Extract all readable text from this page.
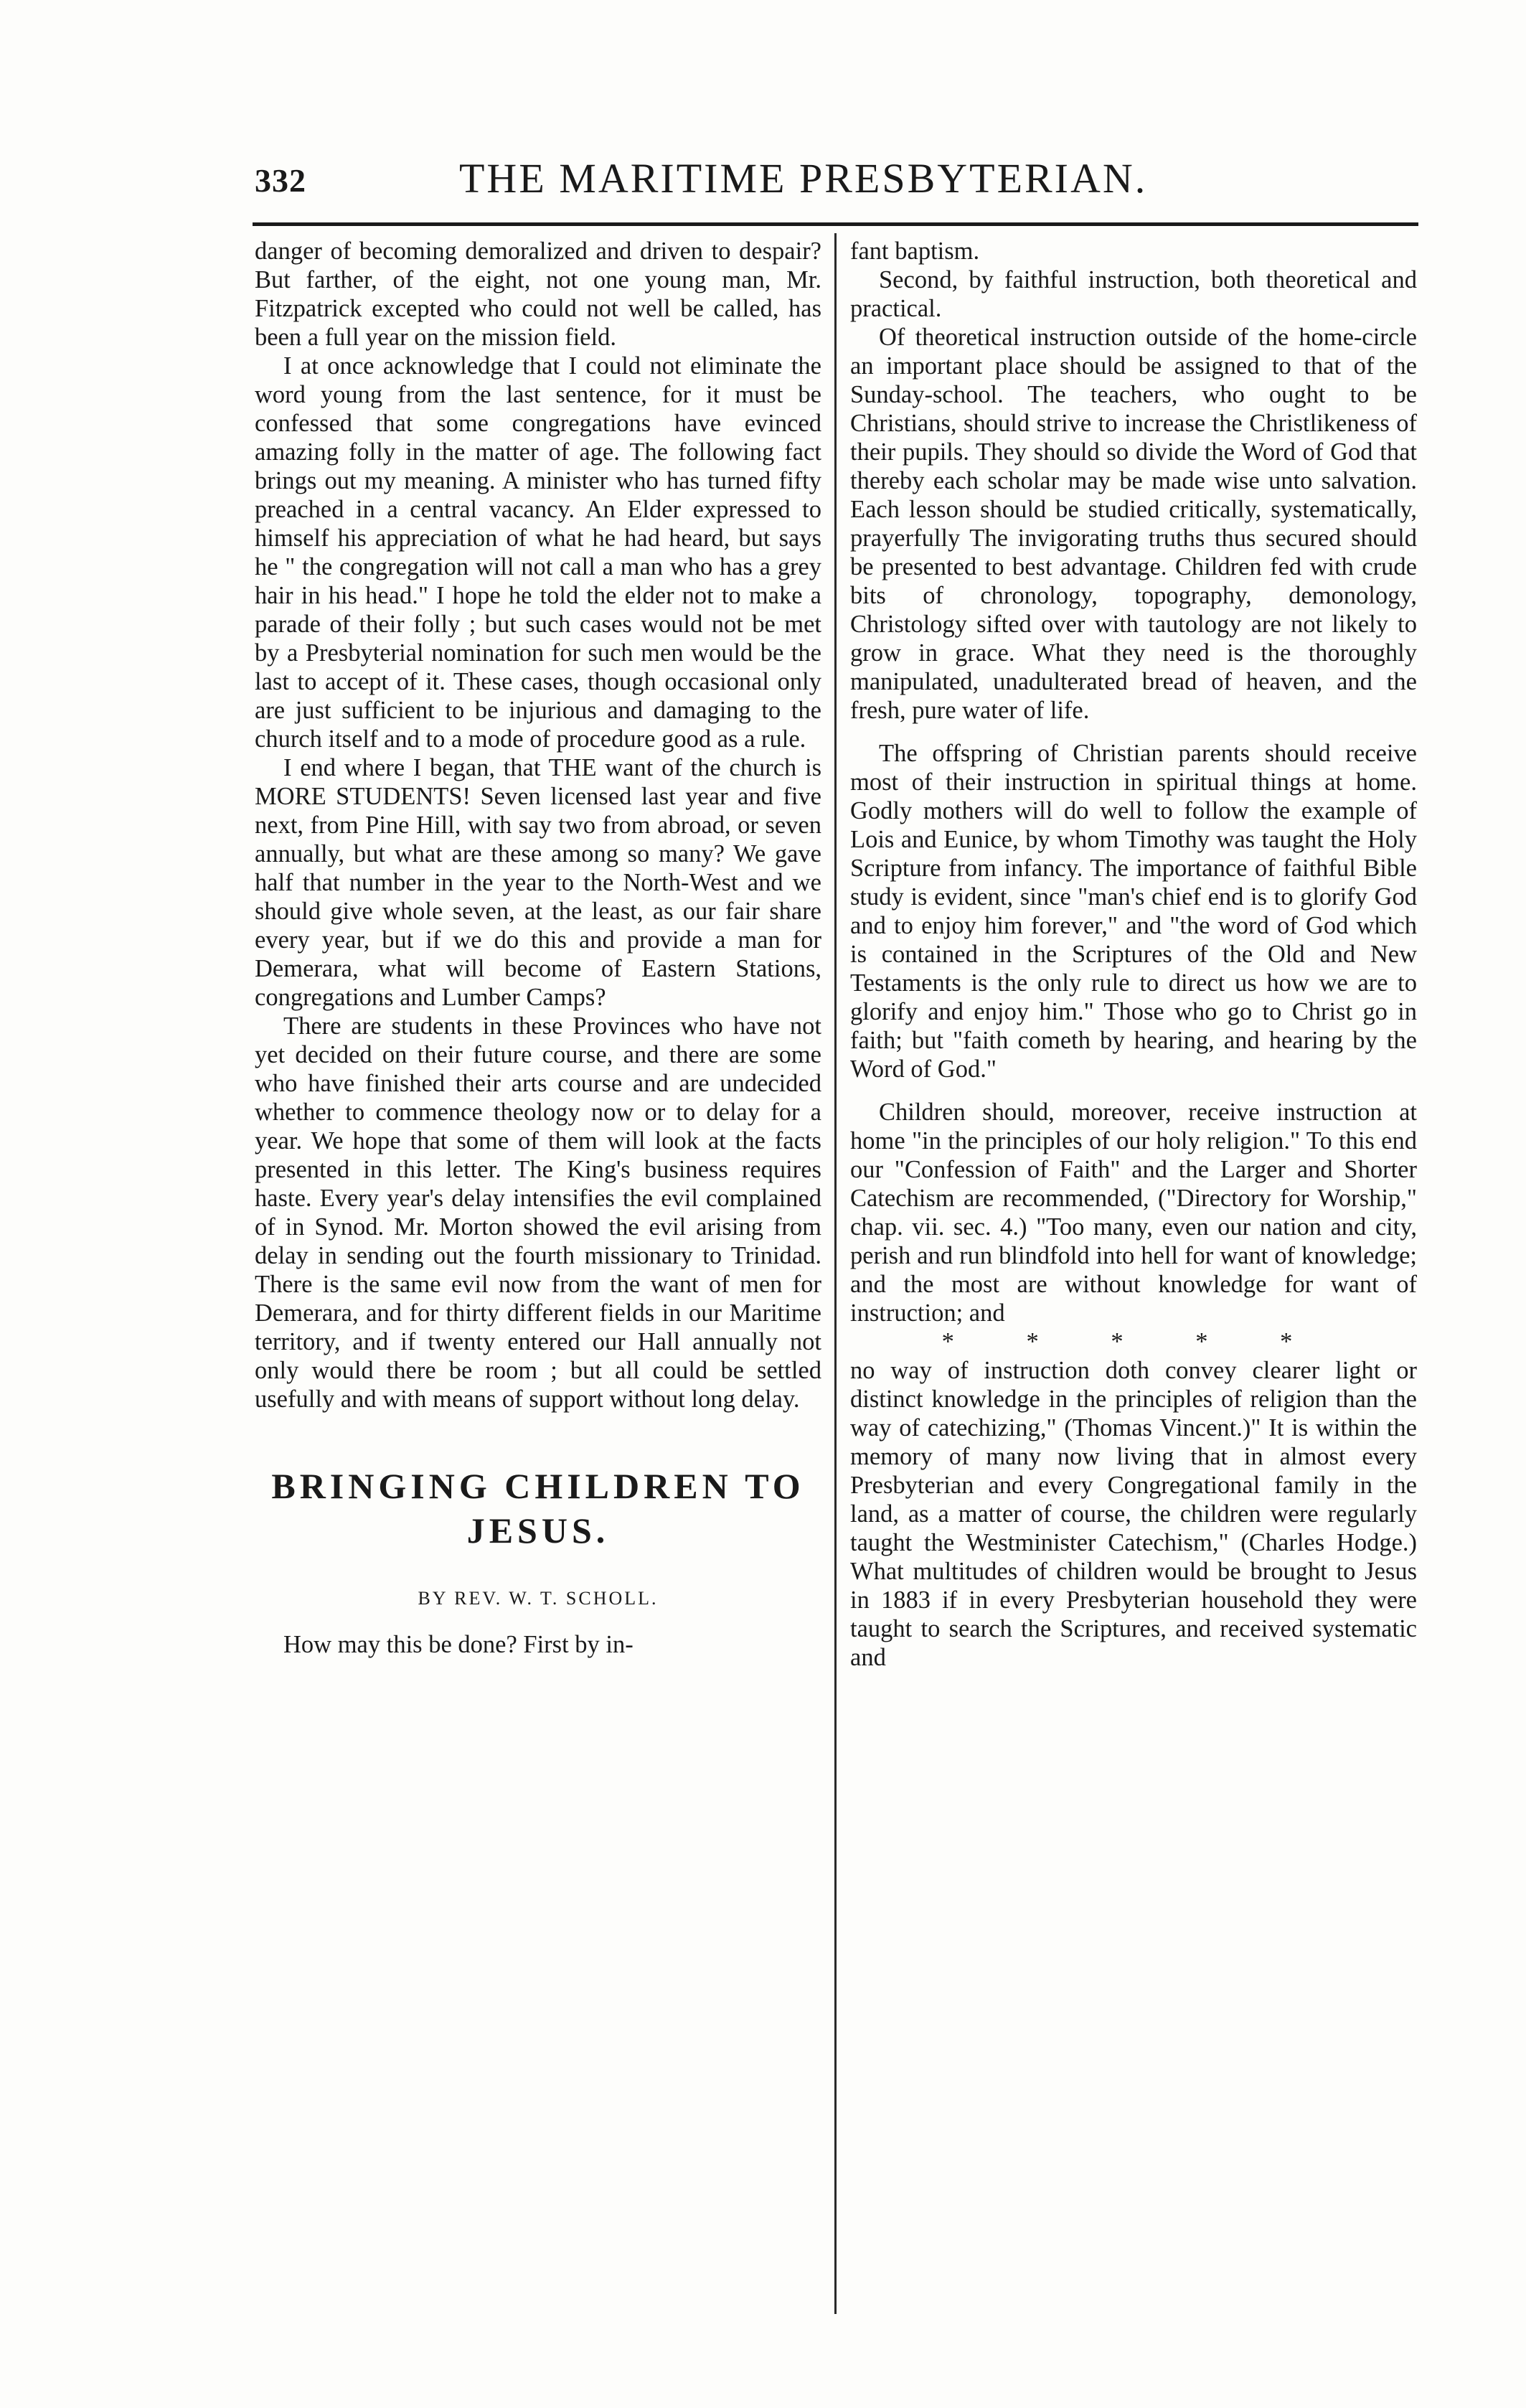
332	THE MARITIME PRESBYTERIAN.

danger of becoming demoralized and driven to despair? But farther, of the eight, not one young man, Mr. Fitzpatrick excepted who could not well be called, has been a full year on the mission field.

I at once acknowledge that I could not eliminate the word young from the last sentence, for it must be confessed that some congregations have evinced amazing folly in the matter of age. The following fact brings out my meaning. A minister who has turned fifty preached in a central vacancy. An Elder expressed to himself his appreciation of what he had heard, but says he " the congregation will not call a man who has a grey hair in his head." I hope he told the elder not to make a parade of their folly ; but such cases would not be met by a Presbyterial nomination for such men would be the last to accept of it. These cases, though occasional only are just sufficient to be injurious and damaging to the church itself and to a mode of procedure good as a rule.

I end where I began, that THE want of the church is MORE STUDENTS! Seven licensed last year and five next, from Pine Hill, with say two from abroad, or seven annually, but what are these among so many? We gave half that number in the year to the North-West and we should give whole seven, at the least, as our fair share every year, but if we do this and provide a man for Demerara, what will become of Eastern Stations, congregations and Lumber Camps?

There are students in these Provinces who have not yet decided on their future course, and there are some who have finished their arts course and are undecided whether to commence theology now or to delay for a year. We hope that some of them will look at the facts presented in this letter. The King's business requires haste. Every year's delay intensifies the evil complained of in Synod. Mr. Morton showed the evil arising from delay in sending out the fourth missionary to Trinidad. There is the same evil now from the want of men for Demerara, and for thirty different fields in our Maritime territory, and if twenty entered our Hall annually not only would there be room ; but all could be settled usefully and with means of support without long delay.

BRINGING CHILDREN TO
JESUS.
BY REV. W. T. SCHOLL.

How may this be done? First by in-

fant baptism.

Second, by faithful instruction, both theoretical and practical.

Of theoretical instruction outside of the home-circle an important place should be assigned to that of the Sunday-school. The teachers, who ought to be Christians, should strive to increase the Christlikeness of their pupils. They should so divide the Word of God that thereby each scholar may be made wise unto salvation. Each lesson should be studied critically, systematically, prayerfully The invigorating truths thus secured should be presented to best advantage. Children fed with crude bits of chronology, topography, demonology, Christology sifted over with tautology are not likely to grow in grace. What they need is the thoroughly manipulated, unadulterated bread of heaven, and the fresh, pure water of life.

The offspring of Christian parents should receive most of their instruction in spiritual things at home. Godly mothers will do well to follow the example of Lois and Eunice, by whom Timothy was taught the Holy Scripture from infancy. The importance of faithful Bible study is evident, since "man's chief end is to glorify God and to enjoy him forever," and "the word of God which is contained in the Scriptures of the Old and New Testaments is the only rule to direct us how we are to glorify and enjoy him." Those who go to Christ go in faith; but "faith cometh by hearing, and hearing by the Word of God."

Children should, moreover, receive instruction at home "in the principles of our holy religion." To this end our "Confession of Faith" and the Larger and Shorter Catechism are recommended, ("Directory for Worship," chap. vii. sec. 4.) "Too many, even our nation and city, perish and run blindfold into hell for want of knowledge; and the most are without knowledge for want of instruction; and

* * * * *

no way of instruction doth convey clearer light or distinct knowledge in the principles of religion than the way of catechizing," (Thomas Vincent.)" It is within the memory of many now living that in almost every Presbyterian and every Congregational family in the land, as a matter of course, the children were regularly taught the Westminister Catechism," (Charles Hodge.) What multitudes of children would be brought to Jesus in 1883 if in every Presbyterian household they were taught to search the Scriptures, and received systematic and
